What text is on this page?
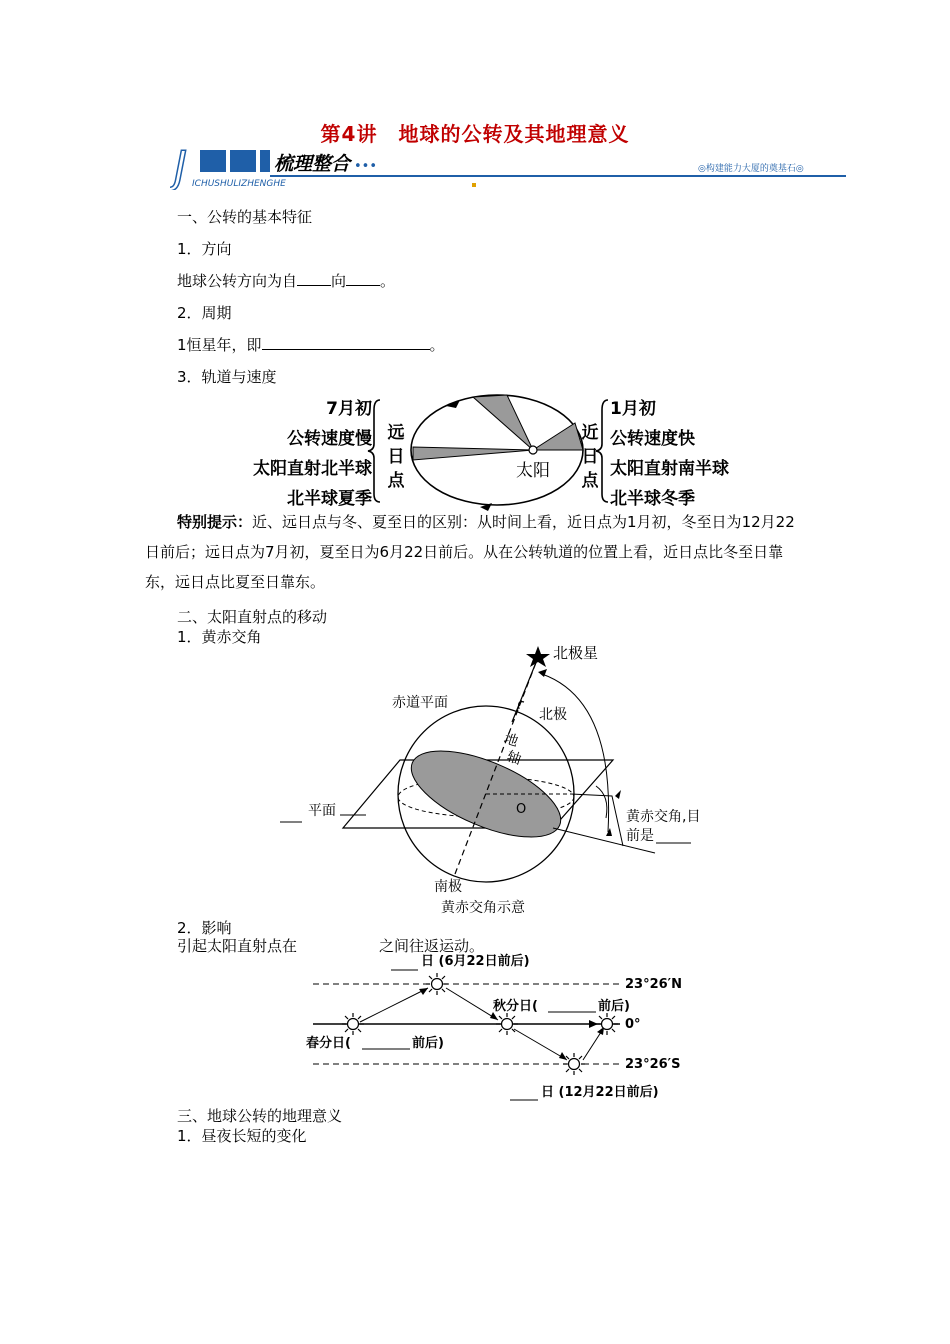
第4讲　地球的公转及其地理意义
J	梳理整合 •••
ICHUSHULIZHENGHE
◎构建能力大厦的奠基石◎
一、公转的基本特征
1．方向
地球公转方向为自 向 。
2．周期
1恒星年，即	。
3．轨道与速度
7月初
公转速度慢
太阳直射北半球
北半球夏季
远
日
点	太阳
近
日
点
1月初
公转速度快
太阳直射南半球
北半球冬季
特别提示：近、远日点与冬、夏至日的区别：从时间上看，近日点为1月初，冬至日为12月22日前后；远日点为7月初，夏至日为6月22日前后。从在公转轨道的位置上看，近日点比冬至日靠东，远日点比夏至日靠东。
二、太阳直射点的移动
1．黄赤交角
北极星
北极
赤道平面
地
轴
O
平面	黄赤交角,目
前是
南极
黄赤交角示意
2．影响
引起太阳直射点在	之间往返运动。
日 (6月22日前后)
秋分日(	前后)
春分日(	前后)
日 (12月22日前后)
23°26′N
0°
23°26′S
三、地球公转的地理意义
1．昼夜长短的变化
